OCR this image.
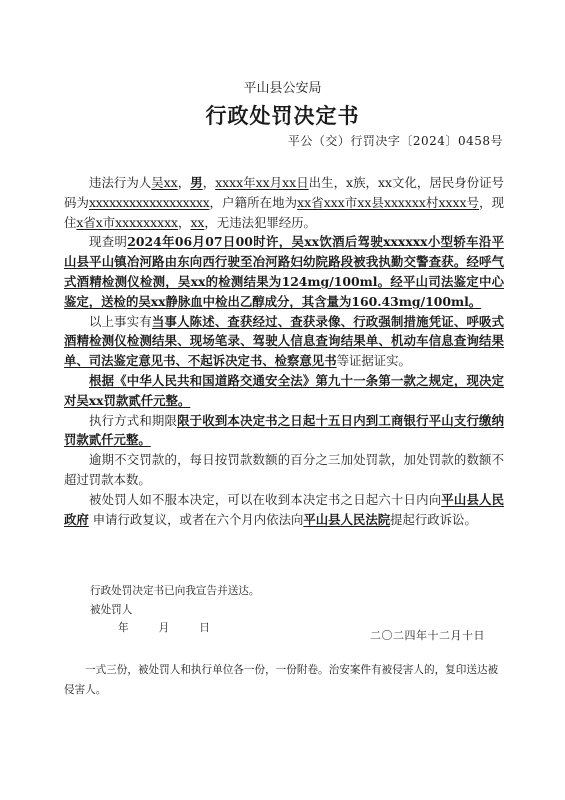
平山县公安局
行政处罚决定书
平公（交）行罚决字〔2024〕0458号

违法行为人吴xx，男，xxxx年xx月xx日出生，x族，xx文化，居民身份证号码为xxxxxxxxxxxxxxxxxx，户籍所在地为xx省xxx市xx县xxxxxx村xxxx号，现住x省x市xxxxxxxxx，xx，无违法犯罪经历。

现查明2024年06月07日00时许，吴xx饮酒后驾驶xxxxxx小型轿车沿平山县平山镇冶河路由东向西行驶至冶河路妇幼院路段被我执勤交警查获。经呼气式酒精检测仪检测，吴xx的检测结果为124mg/100ml。经平山司法鉴定中心鉴定，送检的吴xx静脉血中检出乙醇成分，其含量为160.43mg/100ml。

以上事实有当事人陈述、查获经过、查获录像、行政强制措施凭证、呼吸式酒精检测仪检测结果、现场笔录、驾驶人信息查询结果单、机动车信息查询结果单、司法鉴定意见书、不起诉决定书、检察意见书等证据证实。

根据《中华人民共和国道路交通安全法》第九十一条第一款之规定，现决定对吴xx罚款贰仟元整。

执行方式和期限限于收到本决定书之日起十五日内到工商银行平山支行缴纳罚款贰仟元整。

逾期不交罚款的，每日按罚款数额的百分之三加处罚款，加处罚款的数额不超过罚款本数。

被处罚人如不服本决定，可以在收到本决定书之日起六十日内向平山县人民政府 申请行政复议，或者在六个月内依法向平山县人民法院提起行政诉讼。

行政处罚决定书已向我宣告并送达。
被处罚人
年	月	日
二〇二四年十二月十日
一式三份，被处罚人和执行单位各一份，一份附卷。治安案件有被侵害人的，复印送达被侵害人。
